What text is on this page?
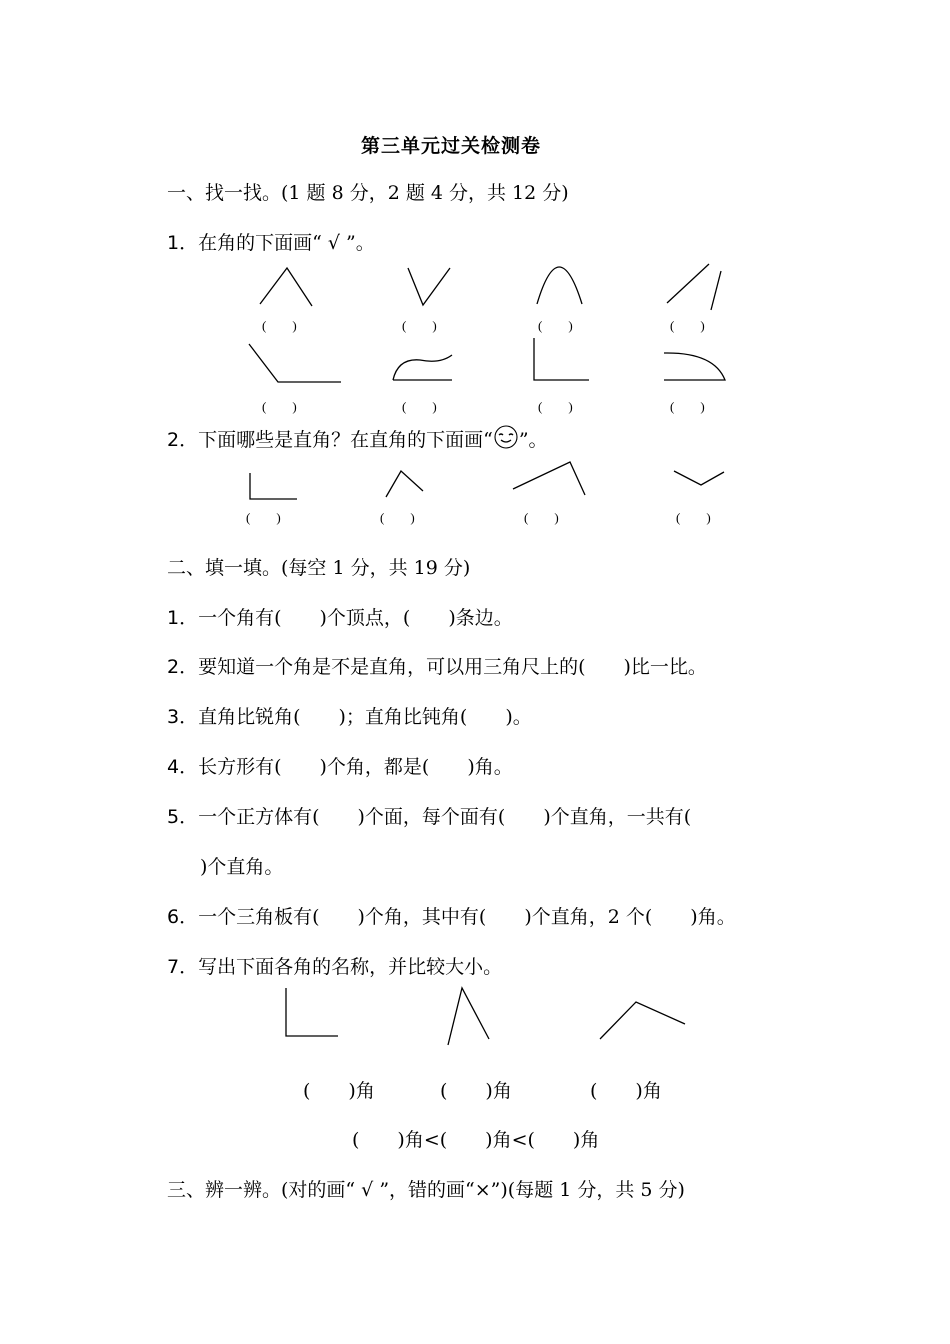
第三单元过关检测卷
一、找一找。(1 题 8 分，2 题 4 分，共 12 分)
1．在角的下面画“ √ ”。
(　　)	(　　)	(　　)	(　　)
(　　)	(　　)	(　　)	(　　)
2．下面哪些是直角？在直角的下面画“ ”。
(　　)	(　　)	(　　)	(　　)
二、填一填。(每空 1 分，共 19 分)
1．一个角有(　　)个顶点，(　　)条边。
2．要知道一个角是不是直角，可以用三角尺上的(　　)比一比。
3．直角比锐角(　　)；直角比钝角(　　)。
4．长方形有(　　)个角，都是(　　)角。
5．一个正方体有(　　)个面，每个面有(　　)个直角，一共有(
　)个直角。
6．一个三角板有(　　)个角，其中有(　　)个直角，2 个(　　)角。
7．写出下面各角的名称，并比较大小。
(　　)角	(　　)角	(　　)角
(　　)角<(　　)角<(　　)角
三、辨一辨。(对的画“ √ ”，错的画“×”)(每题 1 分，共 5 分)
